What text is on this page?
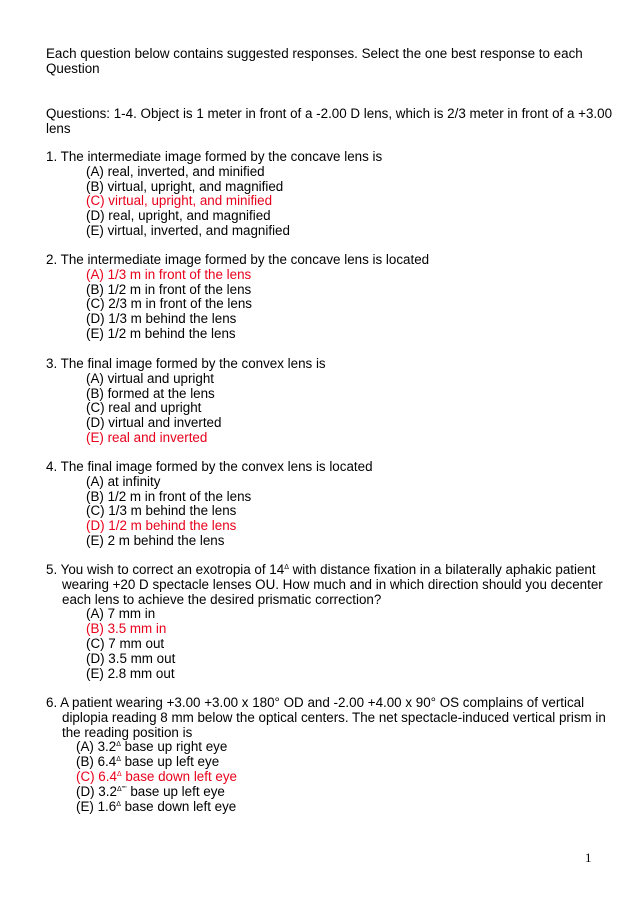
Each question below contains suggested responses. Select the one best response to each
Question
Questions: 1-4. Object is 1 meter in front of a -2.00 D lens, which is 2/3 meter in front of a +3.00
lens
1. The intermediate image formed by the concave lens is
(A) real, inverted, and minified
(B) virtual, upright, and magnified
(C) virtual, upright, and minified
(D) real, upright, and magnified
(E) virtual, inverted, and magnified
2. The intermediate image formed by the concave lens is located
(A) 1/3 m in front of the lens
(B) 1/2 m in front of the lens
(C) 2/3 m in front of the lens
(D) 1/3 m behind the lens
(E) 1/2 m behind the lens
3. The final image formed by the convex lens is
(A) virtual and upright
(B) formed at the lens
(C) real and upright
(D) virtual and inverted
(E) real and inverted
4. The final image formed by the convex lens is located
(A) at infinity
(B) 1/2 m in front of the lens
(C) 1/3 m behind the lens
(D) 1/2 m behind the lens
(E) 2 m behind the lens
5. You wish to correct an exotropia of $14^\Delta$ with distance fixation in a bilaterally aphakic patient
wearing +20 D spectacle lenses OU. How much and in which direction should you decenter
each lens to achieve the desired prismatic correction?
(A) 7 mm in
(B) 3.5 mm in
(C) 7 mm out
(D) 3.5 mm out
(E) 2.8 mm out
6. A patient wearing +3.00 +3.00 x 180° OD and -2.00 +4.00 x 90° OS complains of vertical
diplopia reading 8 mm below the optical centers. The net spectacle-induced vertical prism in
the reading position is
(A) $3.2^\Delta$ base up right eye
(B) $6.4^\Delta$ base up left eye
(C) $6.4^\Delta$ base down left eye
(D) $3.2^{\Delta""}$ base up left eye
(E) $1.6^\Delta$ base down left eye
1
